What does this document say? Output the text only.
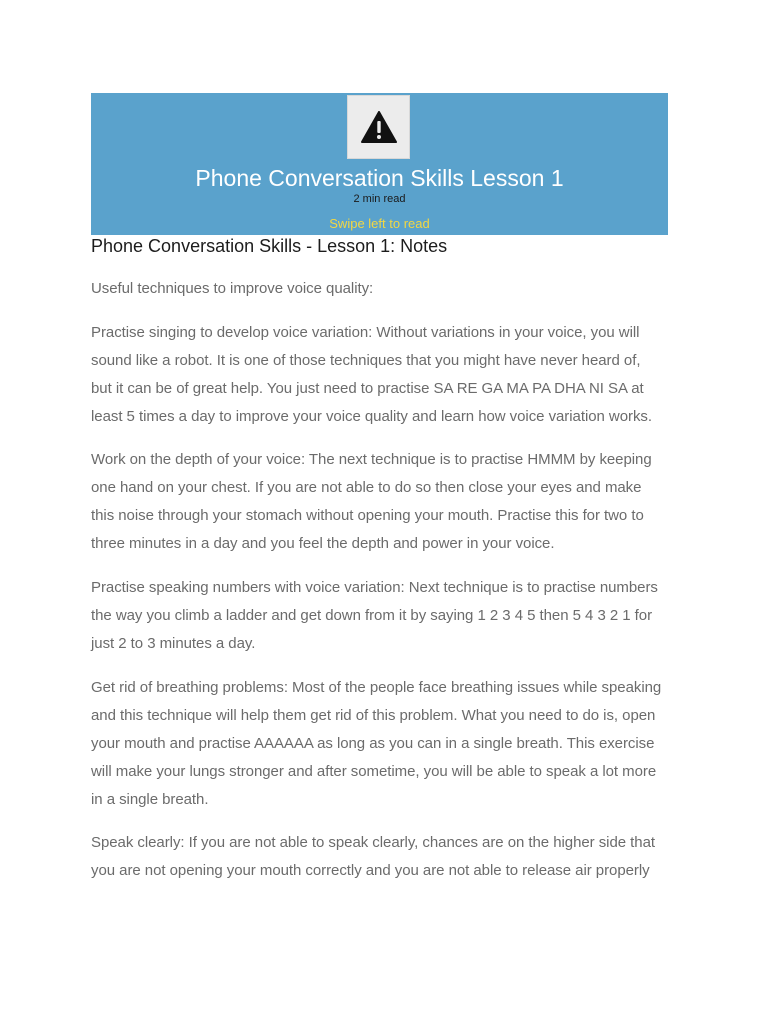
Phone Conversation Skills Lesson 1
2 min read
Swipe left to read
Phone Conversation Skills - Lesson 1: Notes

Useful techniques to improve voice quality:

Practise singing to develop voice variation: Without variations in your voice, you will
sound like a robot. It is one of those techniques that you might have never heard of,
but it can be of great help. You just need to practise SA RE GA MA PA DHA NI SA at
least 5 times a day to improve your voice quality and learn how voice variation works.

Work on the depth of your voice: The next technique is to practise HMMM by keeping
one hand on your chest. If you are not able to do so then close your eyes and make
this noise through your stomach without opening your mouth. Practise this for two to
three minutes in a day and you feel the depth and power in your voice.

Practise speaking numbers with voice variation: Next technique is to practise numbers
the way you climb a ladder and get down from it by saying 1 2 3 4 5 then 5 4 3 2 1 for
just 2 to 3 minutes a day.

Get rid of breathing problems: Most of the people face breathing issues while speaking
and this technique will help them get rid of this problem. What you need to do is, open
your mouth and practise AAAAAA as long as you can in a single breath. This exercise
will make your lungs stronger and after sometime, you will be able to speak a lot more
in a single breath.

Speak clearly: If you are not able to speak clearly, chances are on the higher side that
you are not opening your mouth correctly and you are not able to release air properly
